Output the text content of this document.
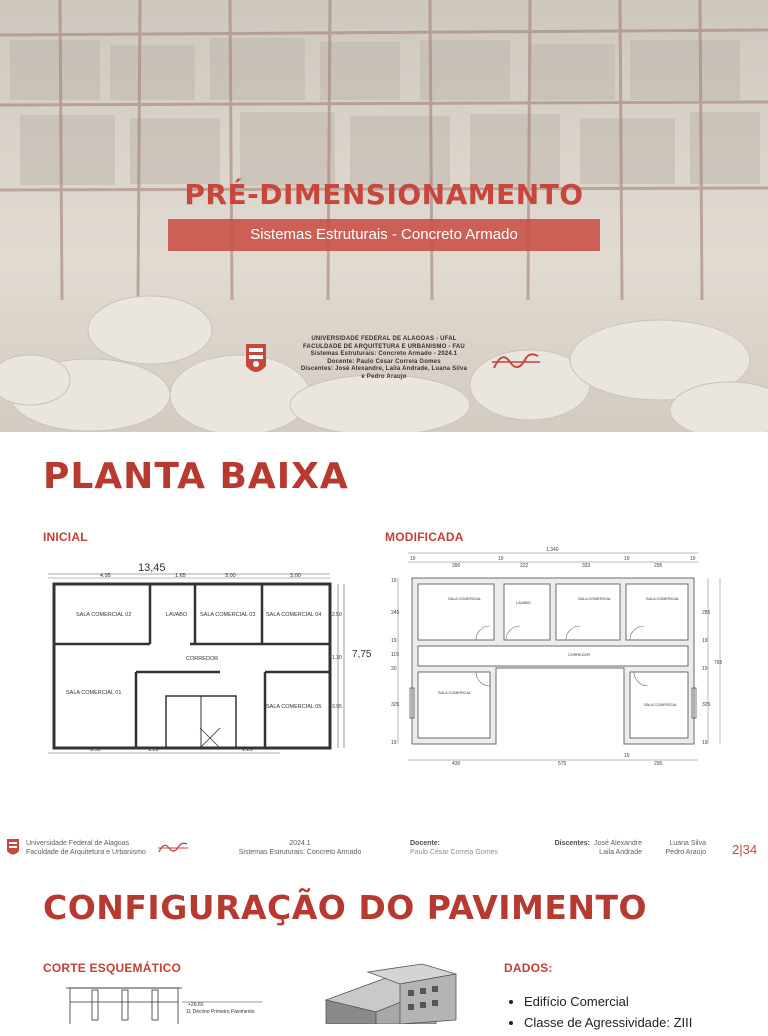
PRÉ-DIMENSIONAMENTO
Sistemas Estruturais - Concreto Armado
UNIVERSIDADE FEDERAL DE ALAGOAS - UFAL
FACULDADE DE ARQUITETURA E URBANISMO - FAU
Sistemas Estruturais: Concreto Armado - 2024.1
Docente: Paulo César Correia Gomes
Discentes: José Alexandre, Laila Andrade, Luana Silva
e Pedro Araujo
PLANTA BAIXA
INICIAL	MODIFICADA
13,45
4.95	1.65	3.00	3.00
SALA COMERCIAL 02	LAVABO SALA COMERCIAL 03 SALA COMERCIAL 04
CORREDOR
SALA COMERCIAL 01
SALA COMERCIAL 05
2.50
1.30
3.95
7,75
3.90	1.20	1.25
1.340
19	19	19	19
390	222	333	295
SALA COMERCIAL
LAVABO
SALA COMERCIAL	SALA COMERCIAL
CORREDOR
SALA COMERCIAL
SALA COMERCIAL
19
245
19
115
20
325
19
285
19
765
19
325
19
19
430	575	295
Universidade Federal de Alagoas
Faculdade de Arquitetura e Urbanismo
2024.1
Sistemas Estruturais: Concreto Armado
Docente:
Paulo César Correia Gomes
Discentes: José Alexandre
Laila Andrade
Luana Silva
Pedro Araujo 2|34
CONFIGURAÇÃO DO PAVIMENTO
CORTE ESQUEMÁTICO	DADOS:
+26.60
11 Décimo Primeiro Pavimento
• Edifício Comercial
• Classe de Agressividade: ZIII
